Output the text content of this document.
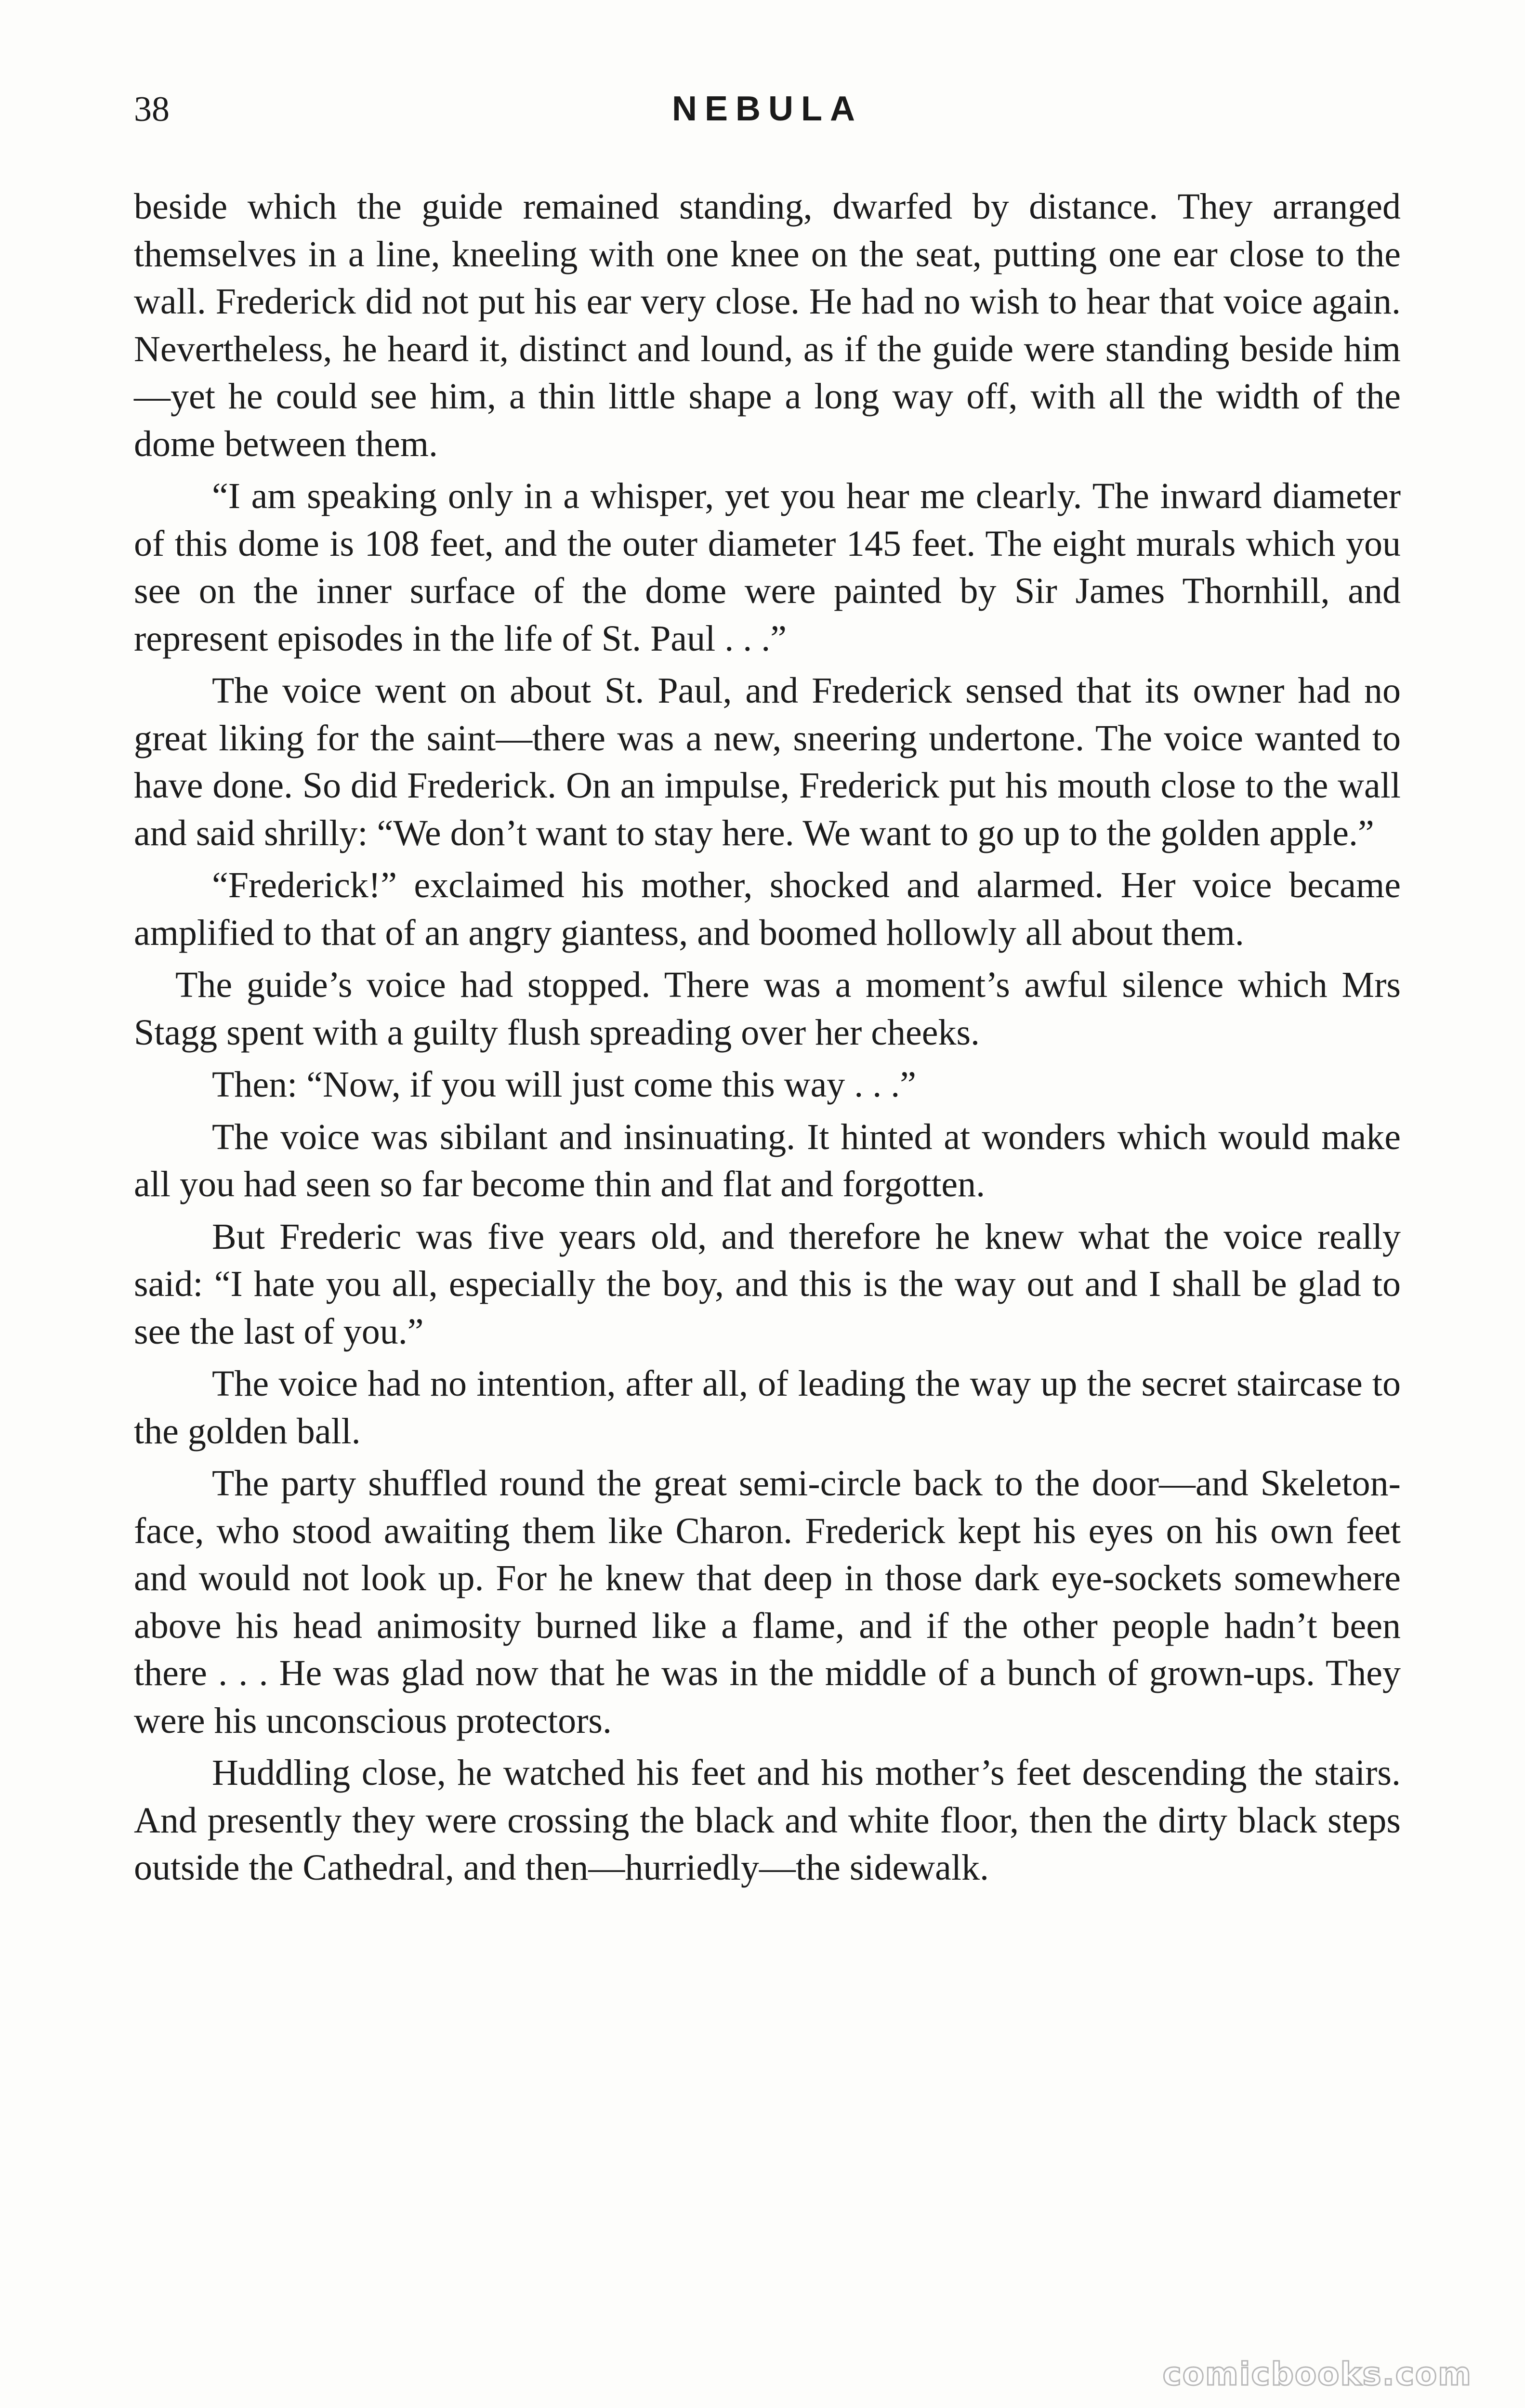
38	NEBULA

beside which the guide remained standing, dwarfed by distance. They arranged themselves in a line, kneeling with one knee on the seat, putting one ear close to the wall. Frederick did not put his ear very close. He had no wish to hear that voice again. Nevertheless, he heard it, distinct and lound, as if the guide were standing beside him—yet he could see him, a thin little shape a long way off, with all the width of the dome between them.

“I am speaking only in a whisper, yet you hear me clearly. The inward diameter of this dome is 108 feet, and the outer diameter 145 feet. The eight murals which you see on the inner surface of the dome were painted by Sir James Thornhill, and represent episodes in the life of St. Paul . . .”

The voice went on about St. Paul, and Frederick sensed that its owner had no great liking for the saint—there was a new, sneering undertone. The voice wanted to have done. So did Frederick. On an impulse, Frederick put his mouth close to the wall and said shrilly: “We don’t want to stay here. We want to go up to the golden apple.”

“Frederick!” exclaimed his mother, shocked and alarmed. Her voice became amplified to that of an angry giantess, and boomed hollowly all about them.

The guide’s voice had stopped. There was a moment’s awful silence which Mrs Stagg spent with a guilty flush spreading over her cheeks.

Then: “Now, if you will just come this way . . .”

The voice was sibilant and insinuating. It hinted at wonders which would make all you had seen so far become thin and flat and forgotten.

But Frederic was five years old, and therefore he knew what the voice really said: “I hate you all, especially the boy, and this is the way out and I shall be glad to see the last of you.”

The voice had no intention, after all, of leading the way up the secret staircase to the golden ball.

The party shuffled round the great semi-circle back to the door—and Skeleton-face, who stood awaiting them like Charon. Frederick kept his eyes on his own feet and would not look up. For he knew that deep in those dark eye-sockets somewhere above his head animosity burned like a flame, and if the other people hadn’t been there . . . He was glad now that he was in the middle of a bunch of grown-ups. They were his unconscious protectors.

Huddling close, he watched his feet and his mother’s feet descending the stairs. And presently they were crossing the black and white floor, then the dirty black steps outside the Cathedral, and then—hurriedly—the sidewalk.

comicbooks.com
